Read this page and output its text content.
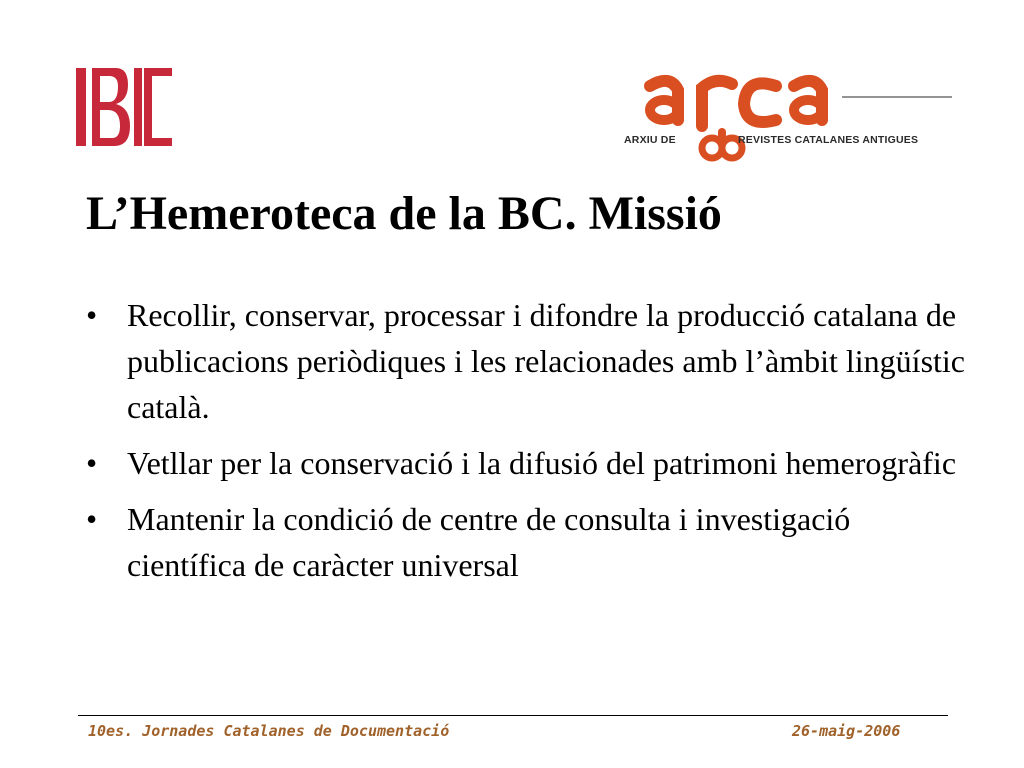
ARXIU DE	REVISTES CATALANES ANTIGUES
L’Hemeroteca de la BC. Missió
• Recollir, conservar, processar i difondre la producció catalana de publicacions periòdiques i les relacionades amb l’àmbit lingüístic català.
• Vetllar per la conservació i la difusió del patrimoni hemerogràfic
• Mantenir la condició de centre de consulta i investigació científica de caràcter universal
10es. Jornades Catalanes de Documentació	26-maig-2006
